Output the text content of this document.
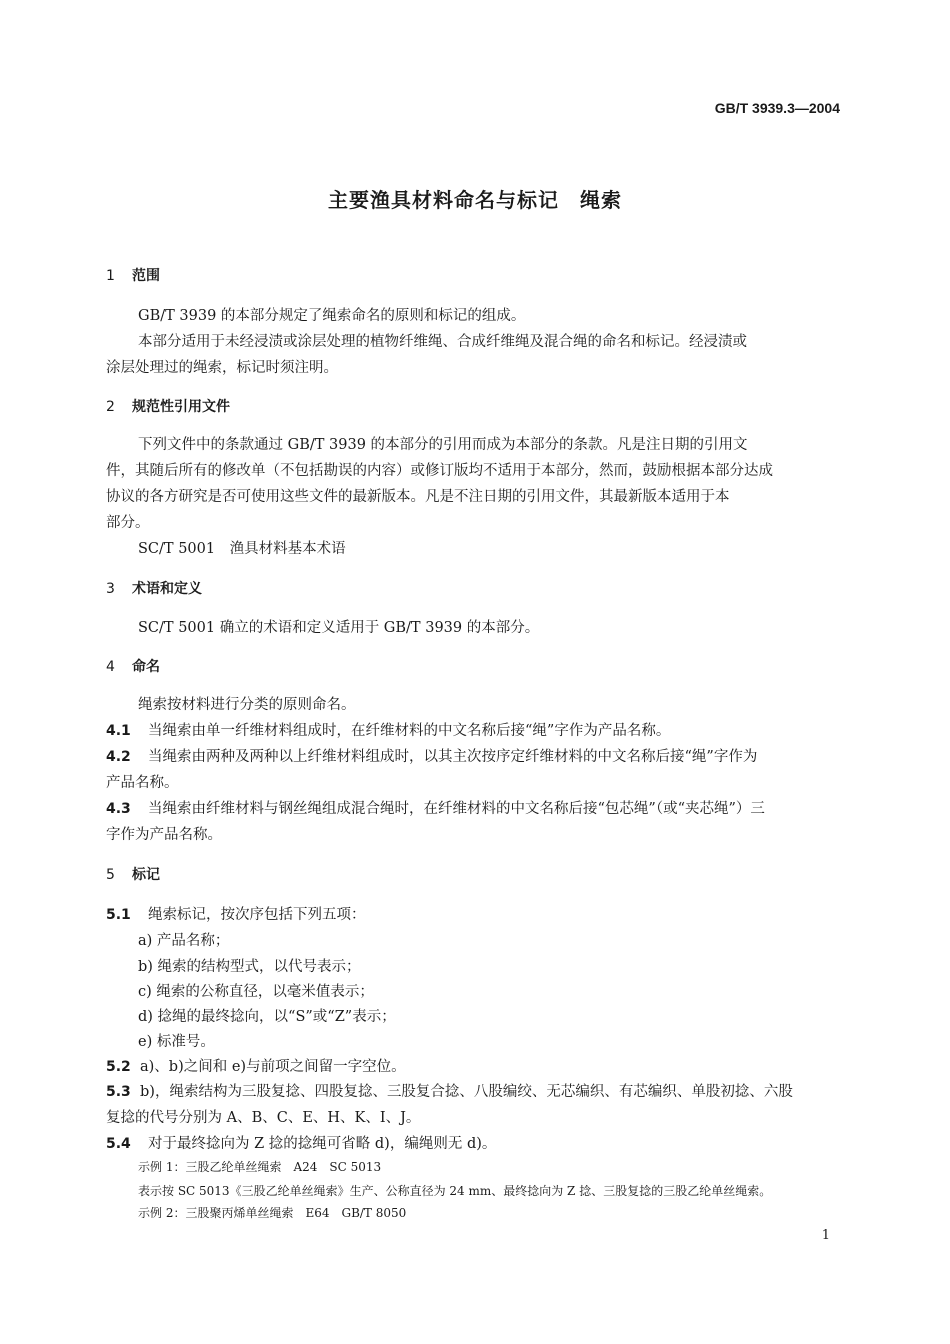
GB/T 3939.3—2004
主要渔具材料命名与标记　绳索
1 范围
GB/T 3939 的本部分规定了绳索命名的原则和标记的组成。
本部分适用于未经浸渍或涂层处理的植物纤维绳、合成纤维绳及混合绳的命名和标记。经浸渍或
涂层处理过的绳索，标记时须注明。
2 规范性引用文件
下列文件中的条款通过 GB/T 3939 的本部分的引用而成为本部分的条款。凡是注日期的引用文
件，其随后所有的修改单（不包括勘误的内容）或修订版均不适用于本部分，然而，鼓励根据本部分达成
协议的各方研究是否可使用这些文件的最新版本。凡是不注日期的引用文件，其最新版本适用于本
部分。
SC/T 5001　渔具材料基本术语
3 术语和定义
SC/T 5001 确立的术语和定义适用于 GB/T 3939 的本部分。
4 命名
绳索按材料进行分类的原则命名。
4.1 当绳索由单一纤维材料组成时，在纤维材料的中文名称后接“绳”字作为产品名称。
4.2 当绳索由两种及两种以上纤维材料组成时，以其主次按序定纤维材料的中文名称后接“绳”字作为
产品名称。
4.3 当绳索由纤维材料与钢丝绳组成混合绳时，在纤维材料的中文名称后接“包芯绳”（或“夹芯绳”）三
字作为产品名称。
5 标记
5.1 绳索标记，按次序包括下列五项：
a) 产品名称；
b) 绳索的结构型式，以代号表示；
c) 绳索的公称直径，以毫米值表示；
d) 捻绳的最终捻向，以“S”或“Z”表示；
e) 标准号。
5.2 a)、b)之间和 e)与前项之间留一字空位。
5.3 b)，绳索结构为三股复捻、四股复捻、三股复合捻、八股编绞、无芯编织、有芯编织、单股初捻、六股
复捻的代号分别为 A、B、C、E、H、K、I、J。
5.4 对于最终捻向为 Z 捻的捻绳可省略 d)，编绳则无 d)。
示例 1：三股乙纶单丝绳索　A24　SC 5013
表示按 SC 5013《三股乙纶单丝绳索》生产、公称直径为 24 mm、最终捻向为 Z 捻、三股复捻的三股乙纶单丝绳索。
示例 2：三股聚丙烯单丝绳索　E64　GB/T 8050
1
